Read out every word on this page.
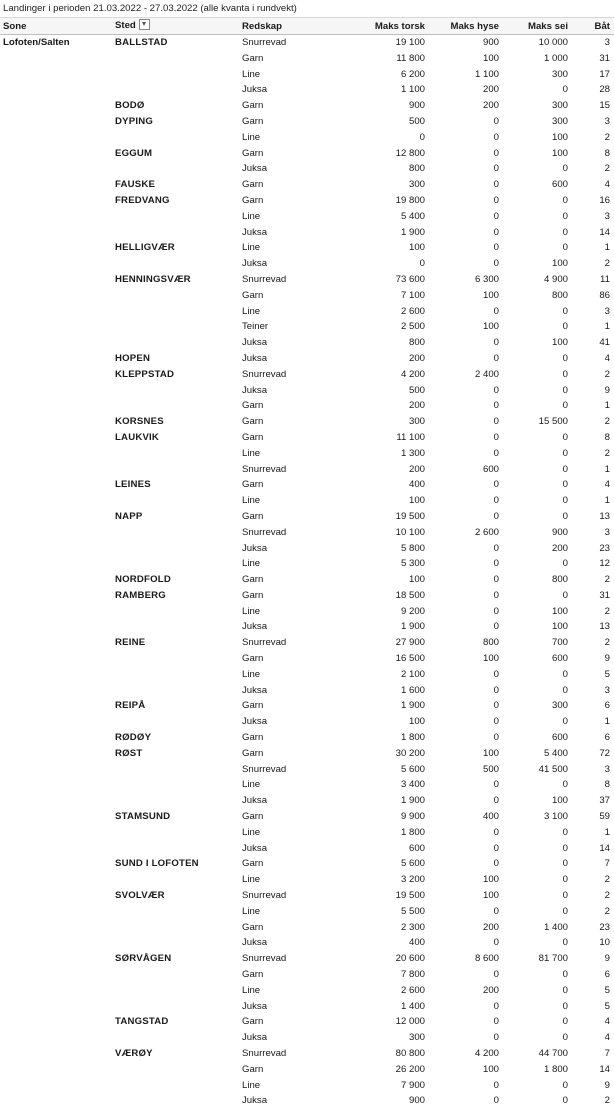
Landinger i perioden 21.03.2022 - 27.03.2022 (alle kvanta i rundvekt)
Sone	Sted	Redskap	Maks torsk	Maks hyse	Maks sei	Båt
Lofoten/Salten	BALLSTAD	Snurrevad	19 100	900	10 000	3
		Garn	11 800	100	1 000	31
		Line	6 200	1 100	300	17
		Juksa	1 100	200	0	28
	BODØ	Garn	900	200	300	15
	DYPING	Garn	500	0	300	3
		Line	0	0	100	2
	EGGUM	Garn	12 800	0	100	8
		Juksa	800	0	0	2
	FAUSKE	Garn	300	0	600	4
	FREDVANG	Garn	19 800	0	0	16
		Line	5 400	0	0	3
		Juksa	1 900	0	0	14
	HELLIGVÆR	Line	100	0	0	1
		Juksa	0	0	100	2
	HENNINGSVÆR	Snurrevad	73 600	6 300	4 900	11
		Garn	7 100	100	800	86
		Line	2 600	0	0	3
		Teiner	2 500	100	0	1
		Juksa	800	0	100	41
	HOPEN	Juksa	200	0	0	4
	KLEPPSTAD	Snurrevad	4 200	2 400	0	2
		Juksa	500	0	0	9
		Garn	200	0	0	1
	KORSNES	Garn	300	0	15 500	2
	LAUKVIK	Garn	11 100	0	0	8
		Line	1 300	0	0	2
		Snurrevad	200	600	0	1
	LEINES	Garn	400	0	0	4
		Line	100	0	0	1
	NAPP	Garn	19 500	0	0	13
		Snurrevad	10 100	2 600	900	3
		Juksa	5 800	0	200	23
		Line	5 300	0	0	12
	NORDFOLD	Garn	100	0	800	2
	RAMBERG	Garn	18 500	0	0	31
		Line	9 200	0	100	2
		Juksa	1 900	0	100	13
	REINE	Snurrevad	27 900	800	700	2
		Garn	16 500	100	600	9
		Line	2 100	0	0	5
		Juksa	1 600	0	0	3
	REIPÅ	Garn	1 900	0	300	6
		Juksa	100	0	0	1
	RØDØY	Garn	1 800	0	600	6
	RØST	Garn	30 200	100	5 400	72
		Snurrevad	5 600	500	41 500	3
		Line	3 400	0	0	8
		Juksa	1 900	0	100	37
	STAMSUND	Garn	9 900	400	3 100	59
		Line	1 800	0	0	1
		Juksa	600	0	0	14
	SUND I LOFOTEN	Garn	5 600	0	0	7
		Line	3 200	100	0	2
	SVOLVÆR	Snurrevad	19 500	100	0	2
		Line	5 500	0	0	2
		Garn	2 300	200	1 400	23
		Juksa	400	0	0	10
	SØRVÅGEN	Snurrevad	20 600	8 600	81 700	9
		Garn	7 800	0	0	6
		Line	2 600	200	0	5
		Juksa	1 400	0	0	5
	TANGSTAD	Garn	12 000	0	0	4
		Juksa	300	0	0	4
	VÆRØY	Snurrevad	80 800	4 200	44 700	7
		Garn	26 200	100	1 800	14
		Line	7 900	0	0	9
		Juksa	900	0	0	2
